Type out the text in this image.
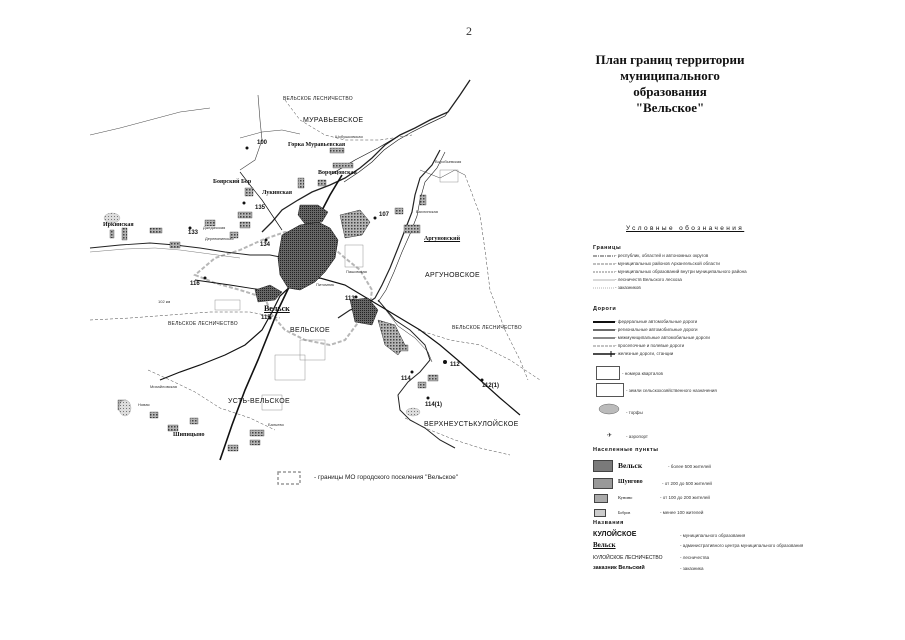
2
План границ территории
муниципального образования
"Вельское"
МУРАВЬЕВСКОЕ
АРГУНОВСКОЕ
ВЕЛЬСКОЕ
УСТЬ-ВЕЛЬСКОЕ
ВЕРХНЕУСТЬКУЛОЙСКОЕ
ВЕЛЬСКОЕ ЛЕСНИЧЕСТВО
ВЕЛЬСКОЕ ЛЕСНИЧЕСТВО
ВЕЛЬСКОЕ ЛЕСНИЧЕСТВО
Горка Муравьевская
Шобушковская
Воронцовская
Лукинская
Боярский Бор
Иркинская	Джедачская
Деревянинская
Питомник
Вахлинская
Вельск
Пашовская
Аргуновский
Шипицыно
Михайловская
Новая
Бальево
Воробьевская
100
135
133
134
116
107
115
113
114
112
112(1)
114(1)
102 км
- границы МО городского поселения "Вельское"
Условные обозначения
Границы
- республик, областей и автономных округов
- муниципальных районов Архангельской области
- муниципальных образований внутри муниципального района
- лесничеств Вельского лесхоза
- заказников
Дороги
- федеральные автомобильные дороги
- региональные автомобильные дороги
- межмуниципальные автомобильные дороги
- проселочные и полевые дороги
- железные дороги, станции
- номера кварталов
- земли сельскохозяйственного назначения
- торфы
✈	- аэропорт
Населенные пункты
Вельск	- более 500 жителей
Шунгово	- от 200 до 500 жителей
Кунино	- от 100 до 200 жителей
Бобров	- менее 100 жителей
Названия
КУЛОЙСКОЕ	- муниципального образования
Вельск	- административного центра муниципального образования
КУЛОЙСКОЕ ЛЕСНИЧЕСТВО	- лесничества
заказник Вельский	- заказника
